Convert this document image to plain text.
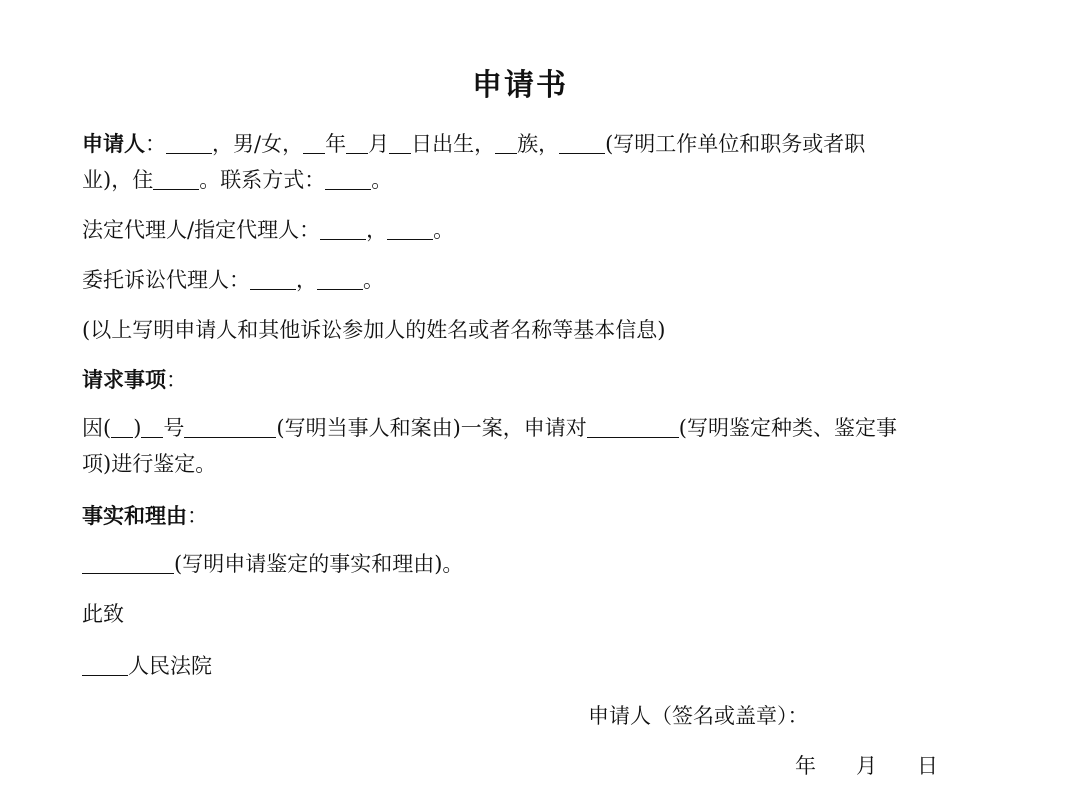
申请书
申请人： ，男/女， 年 月 日出生， 族， (写明工作单位和职务或者职
业)，住 。联系方式： 。
法定代理人/指定代理人： ， 。
委托诉讼代理人： ， 。
(以上写明申请人和其他诉讼参加人的姓名或者名称等基本信息)
请求事项：
因( ) 号	(写明当事人和案由)一案，申请对	(写明鉴定种类、鉴定事
项)进行鉴定。
事实和理由：
(写明申请鉴定的事实和理由)。
此致
人民法院
申请人（签名或盖章）：
年 月 日
